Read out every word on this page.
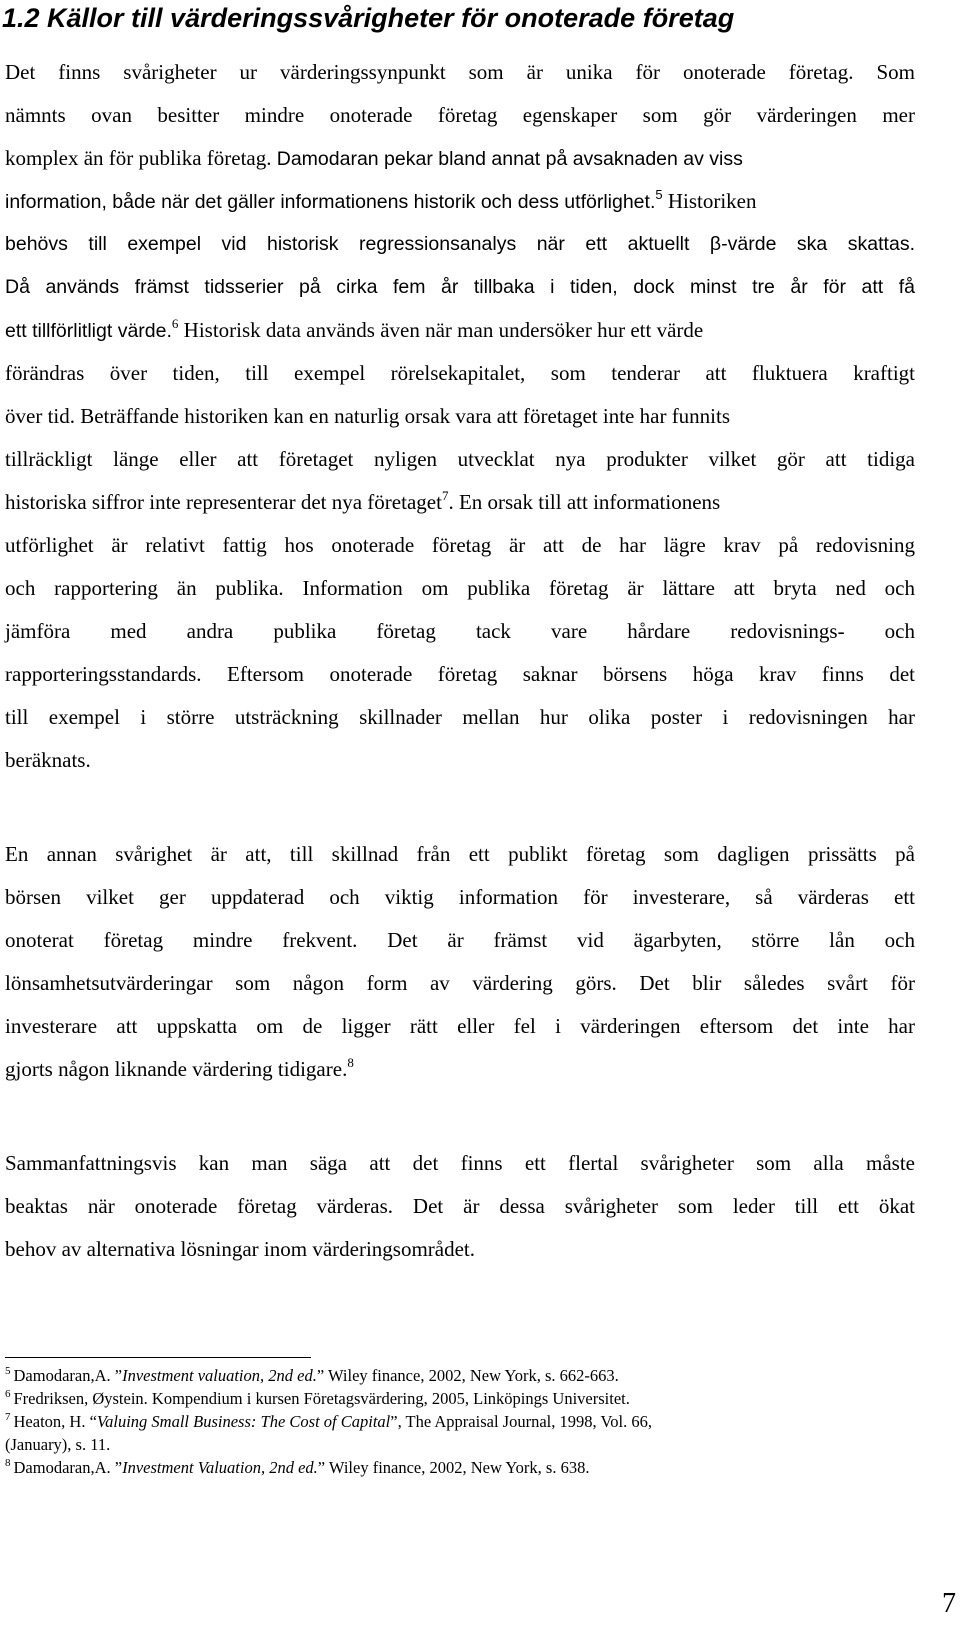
1.2 Källor till värderingssvårigheter för onoterade företag
Det finns svårigheter ur värderingssynpunkt som är unika för onoterade företag. Som
nämnts ovan besitter mindre onoterade företag egenskaper som gör värderingen mer
komplex än för publika företag. Damodaran pekar bland annat på avsaknaden av viss
information, både när det gäller informationens historik och dess utförlighet.$^5$ Historiken
behövs till exempel vid historisk regressionsanalys när ett aktuellt β-värde ska skattas.
Då används främst tidsserier på cirka fem år tillbaka i tiden, dock minst tre år för att få
ett tillförlitligt värde.$^6$ Historisk data används även när man undersöker hur ett värde
förändras över tiden, till exempel rörelsekapitalet, som tenderar att fluktuera kraftigt
över tid. Beträffande historiken kan en naturlig orsak vara att företaget inte har funnits
tillräckligt länge eller att företaget nyligen utvecklat nya produkter vilket gör att tidiga
historiska siffror inte representerar det nya företaget$^7$. En orsak till att informationens
utförlighet är relativt fattig hos onoterade företag är att de har lägre krav på redovisning
och rapportering än publika. Information om publika företag är lättare att bryta ned och
jämföra med andra publika företag tack vare hårdare redovisnings- och
rapporteringsstandards. Eftersom onoterade företag saknar börsens höga krav finns det
till exempel i större utsträckning skillnader mellan hur olika poster i redovisningen har
beräknats.
En annan svårighet är att, till skillnad från ett publikt företag som dagligen prissätts på
börsen vilket ger uppdaterad och viktig information för investerare, så värderas ett
onoterat företag mindre frekvent. Det är främst vid ägarbyten, större lån och
lönsamhetsutvärderingar som någon form av värdering görs. Det blir således svårt för
investerare att uppskatta om de ligger rätt eller fel i värderingen eftersom det inte har
gjorts någon liknande värdering tidigare.$^8$
Sammanfattningsvis kan man säga att det finns ett flertal svårigheter som alla måste
beaktas när onoterade företag värderas. Det är dessa svårigheter som leder till ett ökat
behov av alternativa lösningar inom värderingsområdet.
$^5$ Damodaran,A. ”Investment valuation, 2nd ed.” Wiley finance, 2002, New York, s. 662-663.
$^6$ Fredriksen, Øystein. Kompendium i kursen Företagsvärdering, 2005, Linköpings Universitet.
$^7$ Heaton, H. “Valuing Small Business: The Cost of Capital”, The Appraisal Journal, 1998, Vol. 66,
(January), s. 11.
$^8$ Damodaran,A. ”Investment Valuation, 2nd ed.” Wiley finance, 2002, New York, s. 638.
7
